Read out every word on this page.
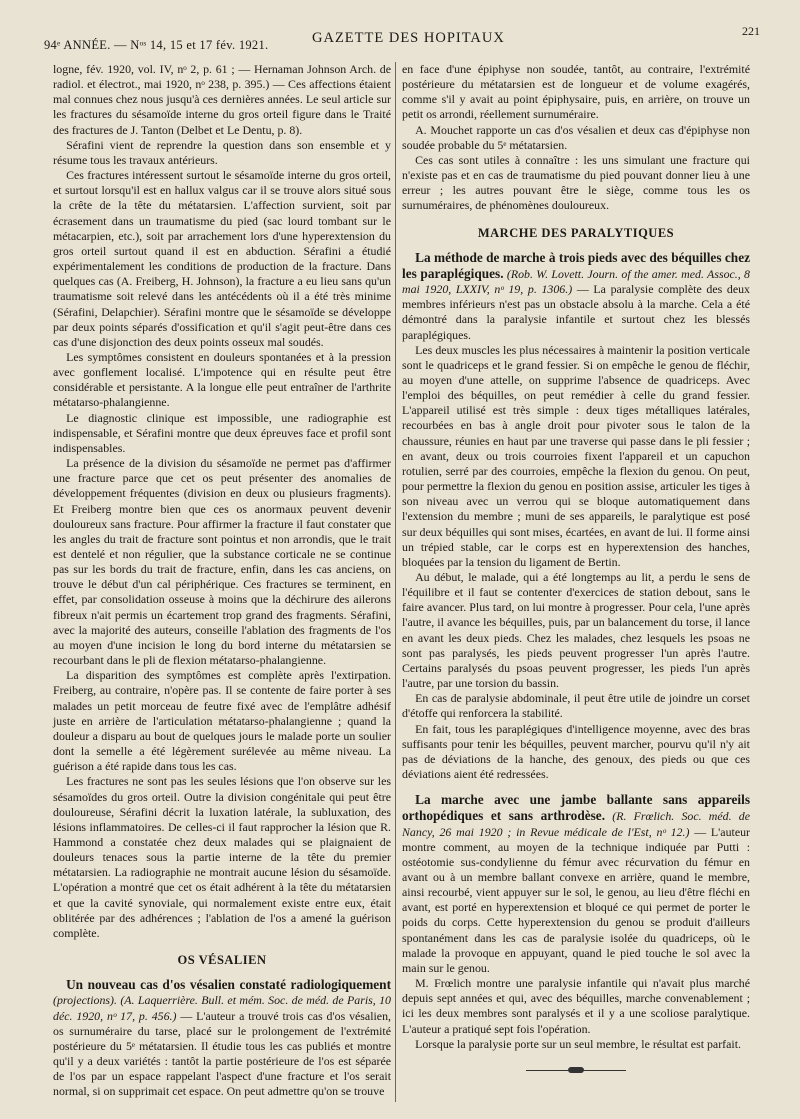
94ᵉ ANNÉE. — Nᵒˢ 14, 15 et 17 fév. 1921.	GAZETTE DES HOPITAUX	221

logne, fév. 1920, vol. IV, nᵒ 2, p. 61 ; — Hernaman Johnson Arch. de radiol. et électrot., mai 1920, nᵒ 238, p. 395.) — Ces affections étaient mal connues chez nous jusqu'à ces dernières années. Le seul article sur les fractures du sésamoïde interne du gros orteil figure dans le Traité des fractures de J. Tanton (Delbet et Le Dentu, p. 8).

Sérafini vient de reprendre la question dans son ensemble et y résume tous les travaux antérieurs.

Ces fractures intéressent surtout le sésamoïde interne du gros orteil, et surtout lorsqu'il est en hallux valgus car il se trouve alors situé sous la crête de la tête du métatarsien. L'affection survient, soit par écrasement dans un traumatisme du pied (sac lourd tombant sur le métacarpien, etc.), soit par arrachement lors d'une hyperextension du gros orteil surtout quand il est en abduction. Sérafini a étudié expérimentalement les conditions de production de la fracture. Dans quelques cas (A. Freiberg, H. Johnson), la fracture a eu lieu sans qu'un traumatisme soit relevé dans les antécédents où il a été très minime (Sérafini, Delapchier). Sérafini montre que le sésamoïde se développe par deux points séparés d'ossification et qu'il s'agit peut-être dans ces cas d'une disjonction des deux points osseux mal soudés.

Les symptômes consistent en douleurs spontanées et à la pression avec gonflement localisé. L'impotence qui en résulte peut être considérable et persistante. A la longue elle peut entraîner de l'arthrite métatarso-phalangienne.

Le diagnostic clinique est impossible, une radiographie est indispensable, et Sérafini montre que deux épreuves face et profil sont indispensables.

La présence de la division du sésamoïde ne permet pas d'affirmer une fracture parce que cet os peut présenter des anomalies de développement fréquentes (division en deux ou plusieurs fragments). Et Freiberg montre bien que ces os anormaux peuvent devenir douloureux sans fracture. Pour affirmer la fracture il faut constater que les angles du trait de fracture sont pointus et non arrondis, que le trait est dentelé et non régulier, que la substance corticale ne se continue pas sur les bords du trait de fracture, enfin, dans les cas anciens, on trouve le début d'un cal périphérique. Ces fractures se terminent, en effet, par consolidation osseuse à moins que la déchirure des ailerons fibreux n'ait permis un écartement trop grand des fragments. Sérafini, avec la majorité des auteurs, conseille l'ablation des fragments de l'os au moyen d'une incision le long du bord interne du métatarsien se recourbant dans le pli de flexion métatarso-phalangienne.

La disparition des symptômes est complète après l'extirpation. Freiberg, au contraire, n'opère pas. Il se contente de faire porter à ses malades un petit morceau de feutre fixé avec de l'emplâtre adhésif juste en arrière de l'articulation métatarso-phalangienne ; quand la douleur a disparu au bout de quelques jours le malade porte un soulier dont la semelle a été légèrement surélevée au même niveau. La guérison a été rapide dans tous les cas.

Les fractures ne sont pas les seules lésions que l'on observe sur les sésamoïdes du gros orteil. Outre la division congénitale qui peut être douloureuse, Sérafini décrit la luxation latérale, la subluxation, des lésions inflammatoires. De celles-ci il faut rapprocher la lésion que R. Hammond a constatée chez deux malades qui se plaignaient de douleurs tenaces sous la partie interne de la tête du premier métatarsien. La radiographie ne montrait aucune lésion du sésamoïde. L'opération a montré que cet os était adhérent à la tête du métatarsien et que la cavité synoviale, qui normalement existe entre eux, était oblitérée par des adhérences ; l'ablation de l'os a amené la guérison complète.

OS VÉSALIEN

Un nouveau cas d'os vésalien constaté radiologiquement (projections). (A. Laquerrière. Bull. et mém. Soc. de méd. de Paris, 10 déc. 1920, nᵒ 17, p. 456.) — L'auteur a trouvé trois cas d'os vésalien, os surnuméraire du tarse, placé sur le prolongement de l'extrémité postérieure du 5ᵉ métatarsien. Il étudie tous les cas publiés et montre qu'il y a deux variétés : tantôt la partie postérieure de l'os est séparée de l'os par un espace rappelant l'aspect d'une fracture et l'os serait normal, si on supprimait cet espace. On peut admettre qu'on se trouve

en face d'une épiphyse non soudée, tantôt, au contraire, l'extrémité postérieure du métatarsien est de longueur et de volume exagérés, comme s'il y avait au point épiphysaire, puis, en arrière, on trouve un petit os arrondi, réellement surnuméraire.

A. Mouchet rapporte un cas d'os vésalien et deux cas d'épiphyse non soudée probable du 5ᵉ métatarsien.

Ces cas sont utiles à connaître : les uns simulant une fracture qui n'existe pas et en cas de traumatisme du pied pouvant donner lieu à une erreur ; les autres pouvant être le siège, comme tous les os surnuméraires, de phénomènes douloureux.

MARCHE DES PARALYTIQUES

La méthode de marche à trois pieds avec des béquilles chez les paraplégiques. (Rob. W. Lovett. Journ. of the amer. med. Assoc., 8 mai 1920, LXXIV, nᵒ 19, p. 1306.) — La paralysie complète des deux membres inférieurs n'est pas un obstacle absolu à la marche. Cela a été démontré dans la paralysie infantile et surtout chez les blessés paraplégiques.

Les deux muscles les plus nécessaires à maintenir la position verticale sont le quadriceps et le grand fessier. Si on empêche le genou de fléchir, au moyen d'une attelle, on supprime l'absence de quadriceps. Avec l'emploi des béquilles, on peut remédier à celle du grand fessier. L'appareil utilisé est très simple : deux tiges métalliques latérales, recourbées en bas à angle droit pour pivoter sous le talon de la chaussure, réunies en haut par une traverse qui passe dans le pli fessier ; en avant, deux ou trois courroies fixent l'appareil et un capuchon rotulien, serré par des courroies, empêche la flexion du genou. On peut, pour permettre la flexion du genou en position assise, articuler les tiges à son niveau avec un verrou qui se bloque automatiquement dans l'extension du membre ; muni de ses appareils, le paralytique est posé sur deux béquilles qui sont mises, écartées, en avant de lui. Il forme ainsi un trépied stable, car le corps est en hyperextension des hanches, bloquées par la tension du ligament de Bertin.

Au début, le malade, qui a été longtemps au lit, a perdu le sens de l'équilibre et il faut se contenter d'exercices de station debout, sans le faire avancer. Plus tard, on lui montre à progresser. Pour cela, l'une après l'autre, il avance les béquilles, puis, par un balancement du torse, il lance en avant les deux pieds. Chez les malades, chez lesquels les psoas ne sont pas paralysés, les pieds peuvent progresser l'un après l'autre. Certains paralysés du psoas peuvent progresser, les pieds l'un après l'autre, par une torsion du bassin.

En cas de paralysie abdominale, il peut être utile de joindre un corset d'étoffe qui renforcera la stabilité.

En fait, tous les paraplégiques d'intelligence moyenne, avec des bras suffisants pour tenir les béquilles, peuvent marcher, pourvu qu'il n'y ait pas de déviations de la hanche, des genoux, des pieds ou que ces déviations aient été redressées.

La marche avec une jambe ballante sans appareils orthopédiques et sans arthrodèse. (R. Frœlich. Soc. méd. de Nancy, 26 mai 1920 ; in Revue médicale de l'Est, nᵒ 12.) — L'auteur montre comment, au moyen de la technique indiquée par Putti : ostéotomie sus-condylienne du fémur avec récurvation du fémur en avant ou à un membre ballant convexe en arrière, quand le membre, ainsi recourbé, vient appuyer sur le sol, le genou, au lieu d'être fléchi en avant, est porté en hyperextension et bloqué ce qui permet de porter le poids du corps. Cette hyperextension du genou se produit d'ailleurs spontanément dans les cas de paralysie isolée du quadriceps, où le malade la provoque en appuyant, quand le pied touche le sol avec la main sur le genou.

M. Frœlich montre une paralysie infantile qui n'avait plus marché depuis sept années et qui, avec des béquilles, marche convenablement ; ici les deux membres sont paralysés et il y a une scoliose paralytique. L'auteur a pratiqué sept fois l'opération.

Lorsque la paralysie porte sur un seul membre, le résultat est parfait.
